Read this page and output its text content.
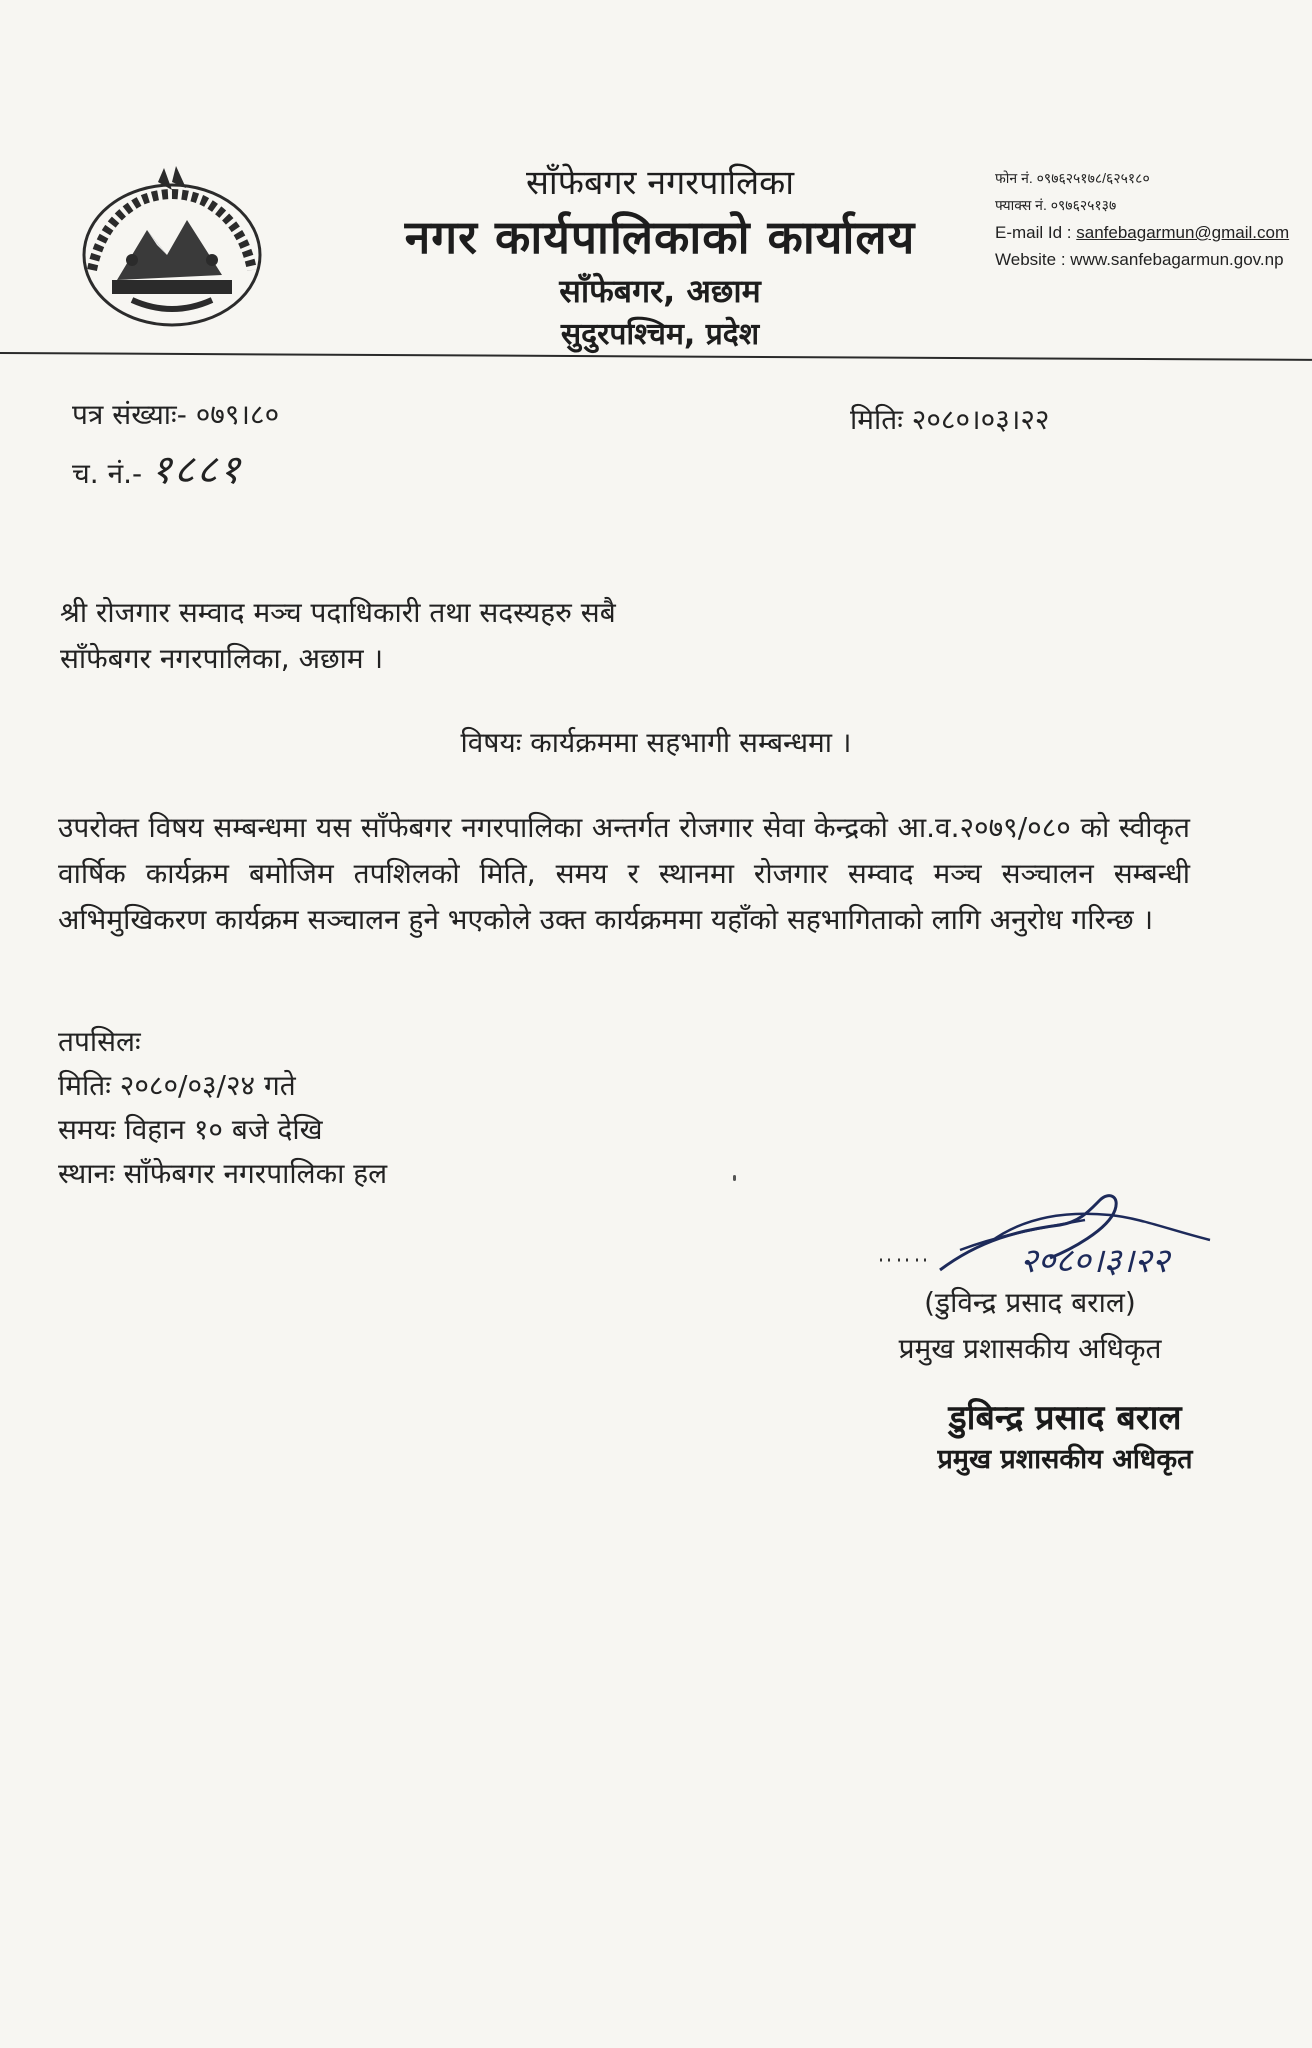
साँफेबगर नगरपालिका
नगर कार्यपालिकाको कार्यालय
साँफेबगर, अछाम
सुदुरपश्चिम, प्रदेश
फोन नं. ०९७६२५१७८/६२५१८०
फ्याक्स नं. ०९७६२५१३७
E-mail Id : sanfebagarmun@gmail.com
Website : www.sanfebagarmun.gov.np
पत्र संख्याः- ०७९।८०	मितिः २०८०।०३।२२
च. नं.- १८८१
श्री रोजगार सम्वाद मञ्च पदाधिकारी तथा सदस्यहरु सबै
साँफेबगर नगरपालिका, अछाम ।
विषयः कार्यक्रममा सहभागी सम्बन्धमा ।
उपरोक्त विषय सम्बन्धमा यस साँफेबगर नगरपालिका अन्तर्गत रोजगार सेवा केन्द्रको आ.व.२०७९/०८० को स्वीकृत वार्षिक कार्यक्रम बमोजिम तपशिलको मिति, समय र स्थानमा रोजगार सम्वाद मञ्च सञ्चालन सम्बन्धी अभिमुखिकरण कार्यक्रम सञ्चालन हुने भएकोले उक्त कार्यक्रममा यहाँको सहभागिताको लागि अनुरोध गरिन्छ ।
तपसिलः
मितिः २०८०/०३/२४ गते
समयः विहान १० बजे देखि
स्थानः साँफेबगर नगरपालिका हल
२०८०।३।२२
(डुविन्द्र प्रसाद बराल)
प्रमुख प्रशासकीय अधिकृत
डुबिन्द्र प्रसाद बराल
प्रमुख प्रशासकीय अधिकृत
